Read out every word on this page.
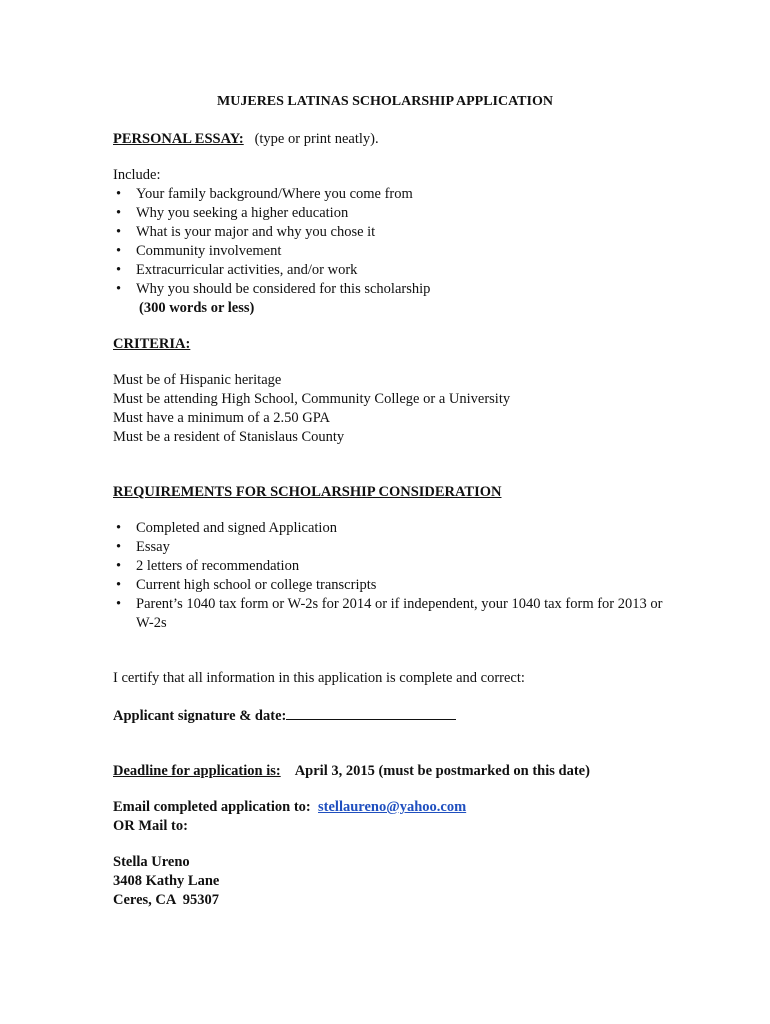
MUJERES LATINAS SCHOLARSHIP APPLICATION
PERSONAL ESSAY: (type or print neatly).
Include:
• Your family background/Where you come from
• Why you seeking a higher education
• What is your major and why you chose it
• Community involvement
• Extracurricular activities, and/or work
• Why you should be considered for this scholarship
(300 words or less)
CRITERIA:
Must be of Hispanic heritage
Must be attending High School, Community College or a University
Must have a minimum of a 2.50 GPA
Must be a resident of Stanislaus County
REQUIREMENTS FOR SCHOLARSHIP CONSIDERATION
• Completed and signed Application
• Essay
• 2 letters of recommendation
• Current high school or college transcripts
• Parent’s 1040 tax form or W-2s for 2014 or if independent, your 1040 tax form for 2013 or W-2s
I certify that all information in this application is complete and correct:
Applicant signature & date:
Deadline for application is: April 3, 2015 (must be postmarked on this date)
Email completed application to: stellaureno@yahoo.com
OR Mail to:
Stella Ureno
3408 Kathy Lane
Ceres, CA  95307
